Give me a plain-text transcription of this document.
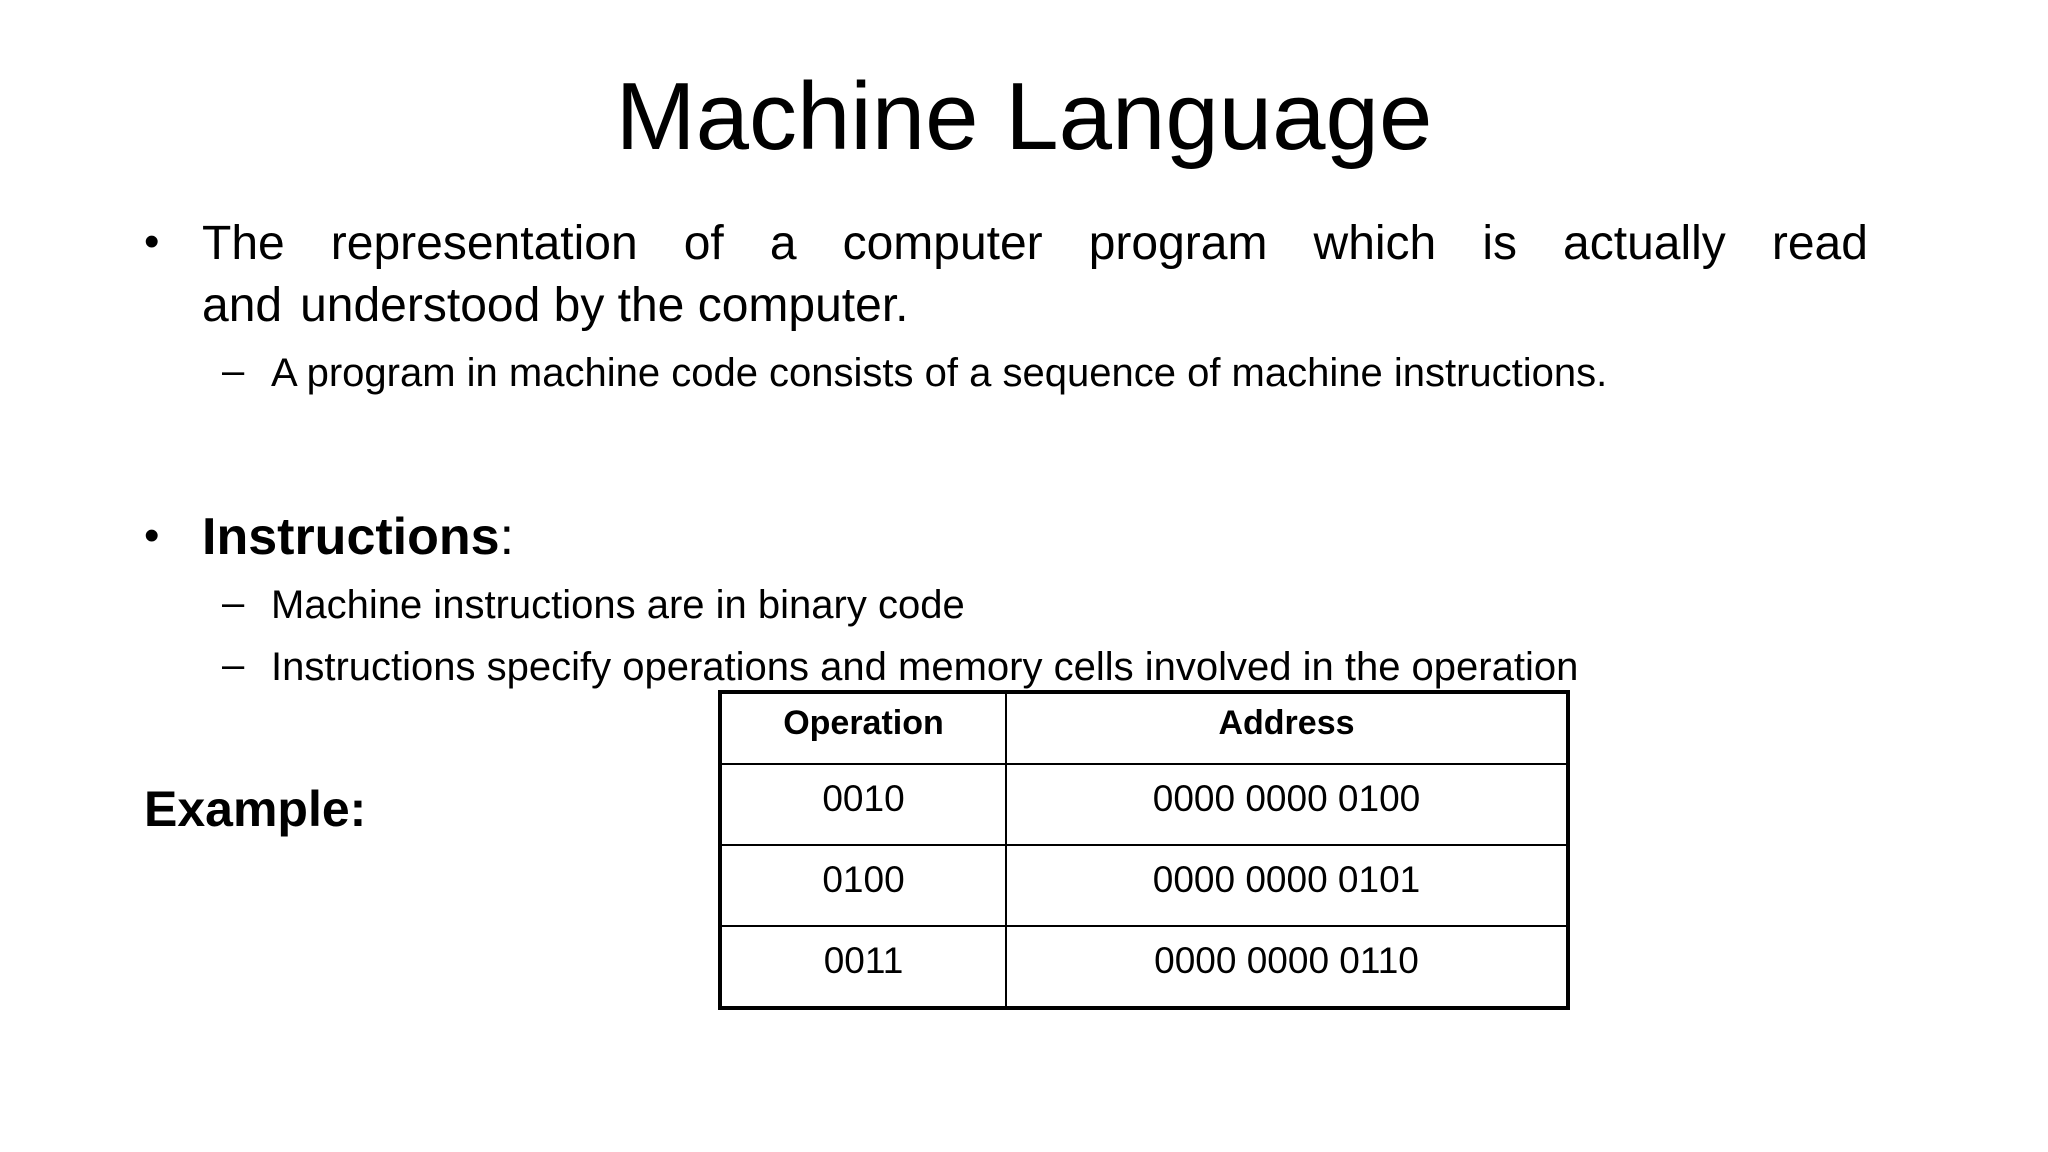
Machine Language
• The representation of a computer program which is actually read
and understood by the computer.
– A program in machine code consists of a sequence of machine instructions.
• Instructions:
– Machine instructions are in binary code
– Instructions specify operations and memory cells involved in the operation
Example:
Operation	Address
0010	0000 0000 0100
0100	0000 0000 0101
0011	0000 0000 0110
